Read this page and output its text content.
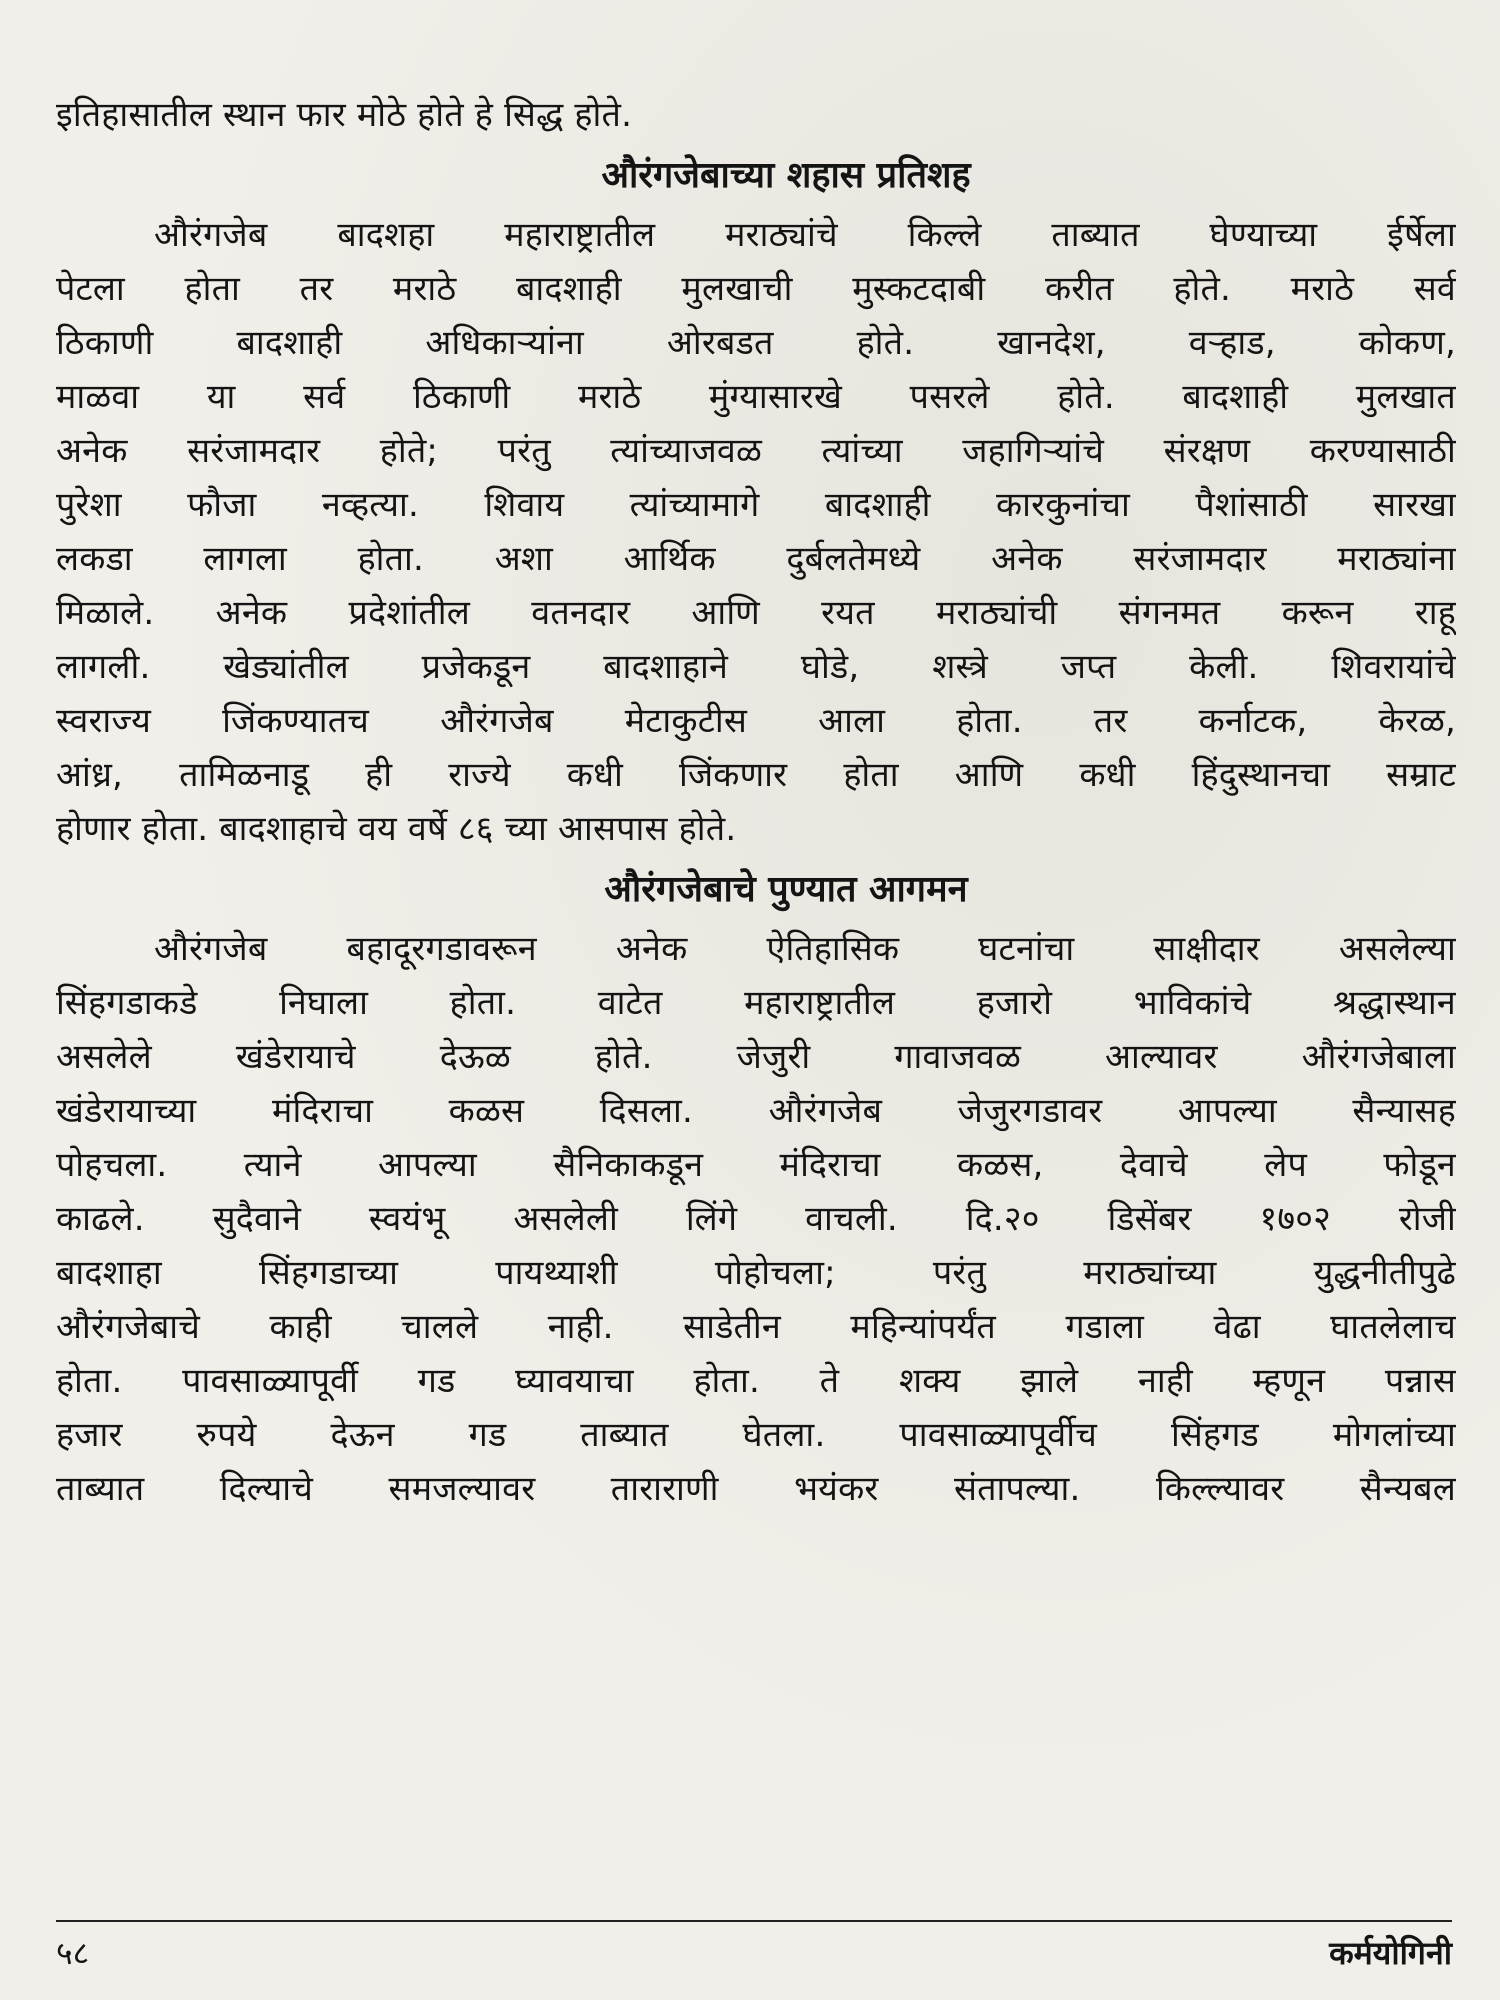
इतिहासातील स्थान फार मोठे होते हे सिद्ध होते.
औरंगजेबाच्या शहास प्रतिशह
औरंगजेब बादशहा महाराष्ट्रातील मराठ्यांचे किल्ले ताब्यात घेण्याच्या ईर्षेला
पेटला होता तर मराठे बादशाही मुलखाची मुस्कटदाबी करीत होते. मराठे सर्व
ठिकाणी बादशाही अधिकाऱ्यांना ओरबडत होते. खानदेश, वऱ्हाड, कोकण,
माळवा या सर्व ठिकाणी मराठे मुंग्यासारखे पसरले होते. बादशाही मुलखात
अनेक सरंजामदार होते; परंतु त्यांच्याजवळ त्यांच्या जहागिऱ्यांचे संरक्षण करण्यासाठी
पुरेशा फौजा नव्हत्या. शिवाय त्यांच्यामागे बादशाही कारकुनांचा पैशांसाठी सारखा
लकडा लागला होता. अशा आर्थिक दुर्बलतेमध्ये अनेक सरंजामदार मराठ्यांना
मिळाले. अनेक प्रदेशांतील वतनदार आणि रयत मराठ्यांची संगनमत करून राहू
लागली. खेड्यांतील प्रजेकडून बादशाहाने घोडे, शस्त्रे जप्त केली. शिवरायांचे
स्वराज्य जिंकण्यातच औरंगजेब मेटाकुटीस आला होता. तर कर्नाटक, केरळ,
आंध्र, तामिळनाडू ही राज्ये कधी जिंकणार होता आणि कधी हिंदुस्थानचा सम्राट
होणार होता. बादशाहाचे वय वर्षे ८६ च्या आसपास होते.
औरंगजेबाचे पुण्यात आगमन
औरंगजेब बहादूरगडावरून अनेक ऐतिहासिक घटनांचा साक्षीदार असलेल्या
सिंहगडाकडे निघाला होता. वाटेत महाराष्ट्रातील हजारो भाविकांचे श्रद्धास्थान
असलेले खंडेरायाचे देऊळ होते. जेजुरी गावाजवळ आल्यावर औरंगजेबाला
खंडेरायाच्या मंदिराचा कळस दिसला. औरंगजेब जेजुरगडावर आपल्या सैन्यासह
पोहचला. त्याने आपल्या सैनिकाकडून मंदिराचा कळस, देवाचे लेप फोडून
काढले. सुदैवाने स्वयंभू असलेली लिंगे वाचली. दि.२० डिसेंबर १७०२ रोजी
बादशाहा सिंहगडाच्या पायथ्याशी पोहोचला; परंतु मराठ्यांच्या युद्धनीतीपुढे
औरंगजेबाचे काही चालले नाही. साडेतीन महिन्यांपर्यंत गडाला वेढा घातलेलाच
होता. पावसाळ्यापूर्वी गड घ्यावयाचा होता. ते शक्य झाले नाही म्हणून पन्नास
हजार रुपये देऊन गड ताब्यात घेतला. पावसाळ्यापूर्वीच सिंहगड मोगलांच्या
ताब्यात दिल्याचे समजल्यावर ताराराणी भयंकर संतापल्या. किल्ल्यावर सैन्यबल
५८	कर्मयोगिनी
